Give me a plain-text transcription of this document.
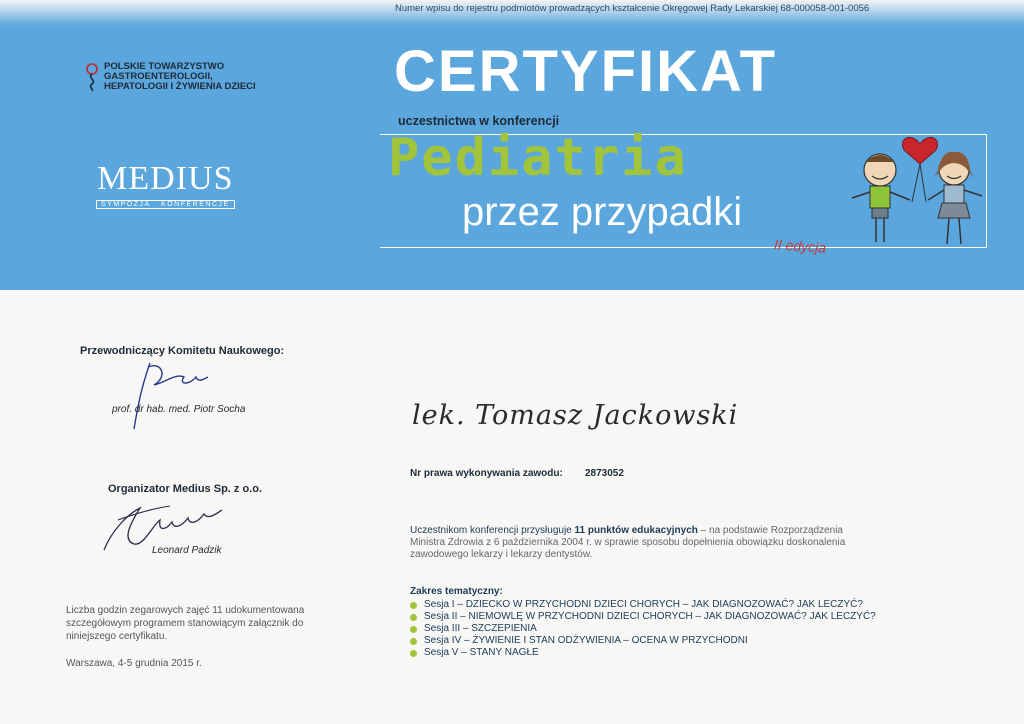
Numer wpisu do rejestru podmiotów prowadzących kształcenie Okręgowej Rady Lekarskiej 68-000058-001-0056
POLSKIE TOWARZYSTWO
GASTROENTEROLOGII,
HEPATOLOGII I ŻYWIENIA DZIECI
MEDIUS
SYMPOZJA · KONFERENCJE
CERTYFIKAT
uczestnictwa w konferencji
Pediatria
przez przypadki
II edycja
Przewodniczący Komitetu Naukowego:
prof. dr hab. med. Piotr Socha
Organizator Medius Sp. z o.o.
Leonard Padzik
Liczba godzin zegarowych zajęć 11 udokumentowana szczegółowym programem stanowiącym załącznik do niniejszego certyfikatu.
Warszawa, 4-5 grudnia 2015 r.
lek. Tomasz Jackowski
Nr prawa wykonywania zawodu: 2873052
Uczestnikom konferencji przysługuje 11 punktów edukacyjnych – na podstawie Rozporządzenia Ministra Zdrowia z 6 października 2004 r. w sprawie sposobu dopełnienia obowiązku doskonalenia zawodowego lekarzy i lekarzy dentystów.
Zakres tematyczny:
Sesja I – DZIECKO W PRZYCHODNI DZIECI CHORYCH – JAK DIAGNOZOWAĆ? JAK LECZYĆ?
Sesja II – NIEMOWLĘ W PRZYCHODNI DZIECI CHORYCH – JAK DIAGNOZOWAĆ? JAK LECZYĆ?
Sesja III – SZCZEPIENIA
Sesja IV – ŻYWIENIE I STAN ODŻYWIENIA – OCENA W PRZYCHODNI
Sesja V – STANY NAGŁE
